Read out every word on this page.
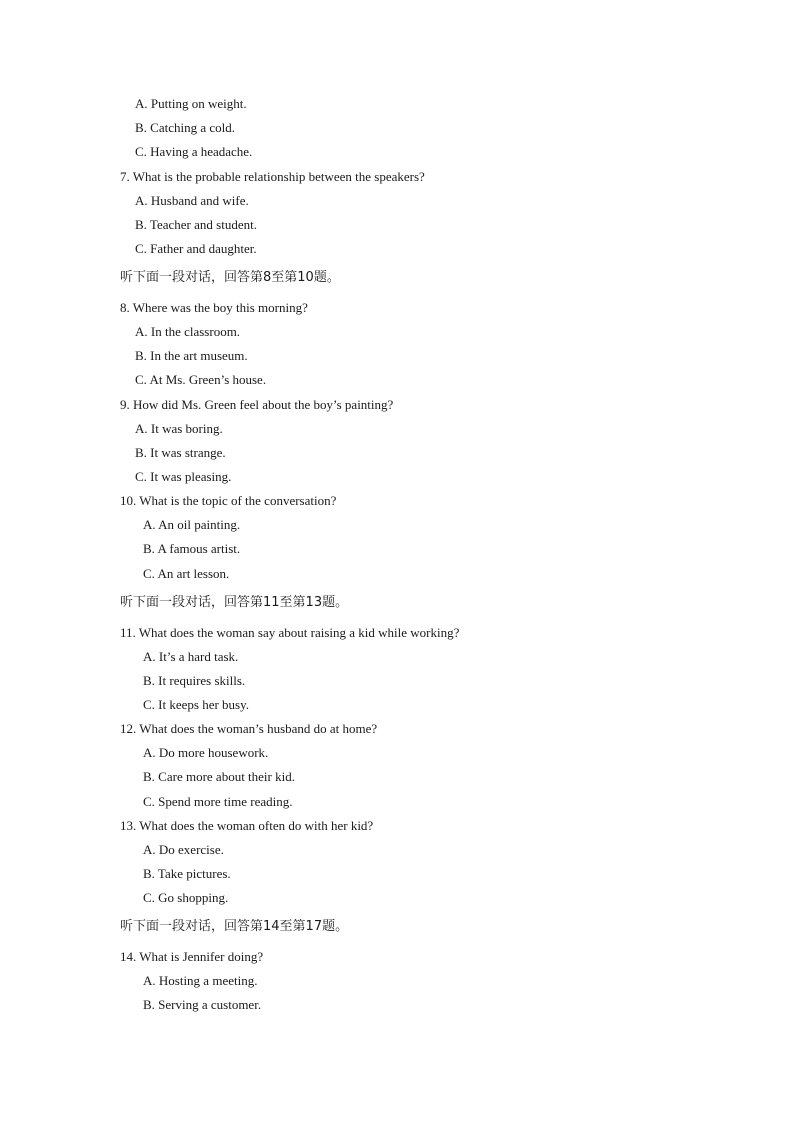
A. Putting on weight.
B. Catching a cold.
C. Having a headache.
7. What is the probable relationship between the speakers?
A. Husband and wife.
B. Teacher and student.
C. Father and daughter.
听下面一段对话，回答第8至第10题。
8. Where was the boy this morning?
A. In the classroom.
B. In the art museum.
C. At Ms. Green’s house.
9. How did Ms. Green feel about the boy’s painting?
A. It was boring.
B. It was strange.
C. It was pleasing.
10. What is the topic of the conversation?
A. An oil painting.
B. A famous artist.
C. An art lesson.
听下面一段对话，回答第11至第13题。
11. What does the woman say about raising a kid while working?
A. It’s a hard task.
B. It requires skills.
C. It keeps her busy.
12. What does the woman’s husband do at home?
A. Do more housework.
B. Care more about their kid.
C. Spend more time reading.
13. What does the woman often do with her kid?
A. Do exercise.
B. Take pictures.
C. Go shopping.
听下面一段对话，回答第14至第17题。
14. What is Jennifer doing?
A. Hosting a meeting.
B. Serving a customer.
